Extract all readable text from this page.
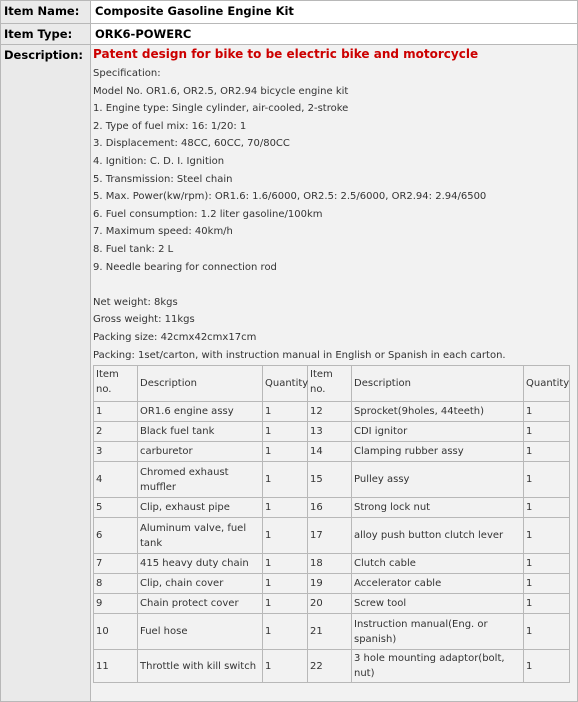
Item Name:	Composite Gasoline Engine Kit
Item Type:	ORK6-POWERC
Description:	Patent design for bike to be electric bike and motorcycle
Specification:
Model No. OR1.6, OR2.5, OR2.94 bicycle engine kit
1. Engine type: Single cylinder, air-cooled, 2-stroke
2. Type of fuel mix: 16: 1/20: 1
3. Displacement: 48CC, 60CC, 70/80CC
4. Ignition: C. D. I. Ignition
5. Transmission: Steel chain
5. Max. Power(kw/rpm): OR1.6: 1.6/6000, OR2.5: 2.5/6000, OR2.94: 2.94/6500
6. Fuel consumption: 1.2 liter gasoline/100km
7. Maximum speed: 40km/h
8. Fuel tank: 2 L
9. Needle bearing for connection rod
Net weight: 8kgs
Gross weight: 11kgs
Packing size: 42cmx42cmx17cm
Packing: 1set/carton, with instruction manual in English or Spanish in each carton.
Item no.	Description	Quantity	Item no.	Description	Quantity
1	OR1.6 engine assy	1	12	Sprocket(9holes, 44teeth)	1
2	Black fuel tank	1	13	CDI ignitor	1
3	carburetor	1	14	Clamping rubber assy	1
4	Chromed exhaust muffler	1	15	Pulley assy	1
5	Clip, exhaust pipe	1	16	Strong lock nut	1
6	Aluminum valve, fuel tank	1	17	alloy push button clutch lever	1
7	415 heavy duty chain	1	18	Clutch cable	1
8	Clip, chain cover	1	19	Accelerator cable	1
9	Chain protect cover	1	20	Screw tool	1
10	Fuel hose	1	21	Instruction manual(Eng. or spanish)	1
11	Throttle with kill switch	1	22	3 hole mounting adaptor(bolt, nut)	1
